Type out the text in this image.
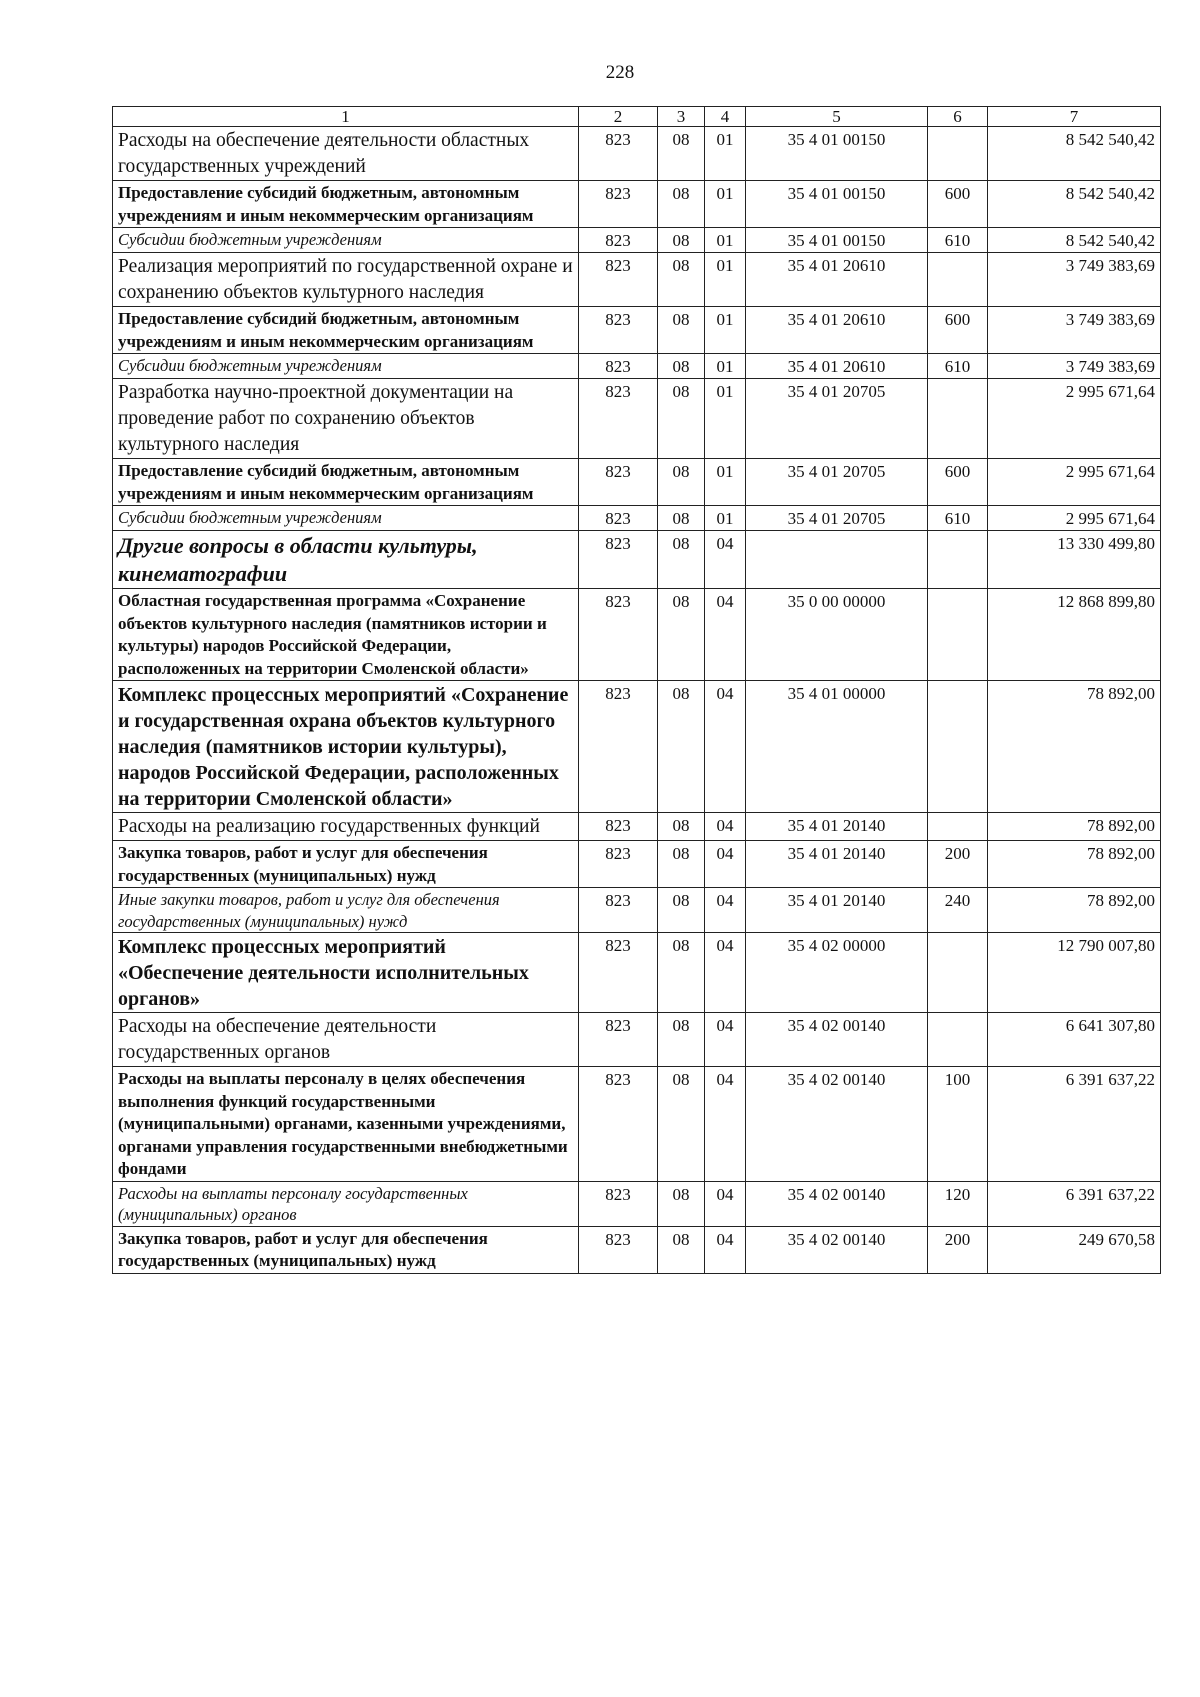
228
1	2	3	4	5	6	7
Расходы на обеспечение деятельности областных государственных учреждений	823	08	01	35 4 01 00150		8 542 540,42
Предоставление субсидий бюджетным, автономным учреждениям и иным некоммерческим организациям	823	08	01	35 4 01 00150	600	8 542 540,42
Субсидии бюджетным учреждениям	823	08	01	35 4 01 00150	610	8 542 540,42
Реализация мероприятий по государственной охране и сохранению объектов культурного наследия	823	08	01	35 4 01 20610		3 749 383,69
Предоставление субсидий бюджетным, автономным учреждениям и иным некоммерческим организациям	823	08	01	35 4 01 20610	600	3 749 383,69
Субсидии бюджетным учреждениям	823	08	01	35 4 01 20610	610	3 749 383,69
Разработка научно-проектной документации на проведение работ по сохранению объектов культурного наследия	823	08	01	35 4 01 20705		2 995 671,64
Предоставление субсидий бюджетным, автономным учреждениям и иным некоммерческим организациям	823	08	01	35 4 01 20705	600	2 995 671,64
Субсидии бюджетным учреждениям	823	08	01	35 4 01 20705	610	2 995 671,64
Другие вопросы в области культуры, кинематографии	823	08	04			13 330 499,80
Областная государственная программа «Сохранение объектов культурного наследия (памятников истории и культуры) народов Российской Федерации, расположенных на территории Смоленской области»	823	08	04	35 0 00 00000		12 868 899,80
Комплекс процессных мероприятий «Сохранение и государственная охрана объектов культурного наследия (памятников истории культуры), народов Российской Федерации, расположенных на территории Смоленской области»	823	08	04	35 4 01 00000		78 892,00
Расходы на реализацию государственных функций	823	08	04	35 4 01 20140		78 892,00
Закупка товаров, работ и услуг для обеспечения государственных (муниципальных) нужд	823	08	04	35 4 01 20140	200	78 892,00
Иные закупки товаров, работ и услуг для обеспечения государственных (муниципальных) нужд	823	08	04	35 4 01 20140	240	78 892,00
Комплекс процессных мероприятий «Обеспечение деятельности исполнительных органов»	823	08	04	35 4 02 00000		12 790 007,80
Расходы на обеспечение деятельности государственных органов	823	08	04	35 4 02 00140		6 641 307,80
Расходы на выплаты персоналу в целях обеспечения выполнения функций государственными (муниципальными) органами, казенными учреждениями, органами управления государственными внебюджетными фондами	823	08	04	35 4 02 00140	100	6 391 637,22
Расходы на выплаты персоналу государственных (муниципальных) органов	823	08	04	35 4 02 00140	120	6 391 637,22
Закупка товаров, работ и услуг для обеспечения государственных (муниципальных) нужд	823	08	04	35 4 02 00140	200	249 670,58
